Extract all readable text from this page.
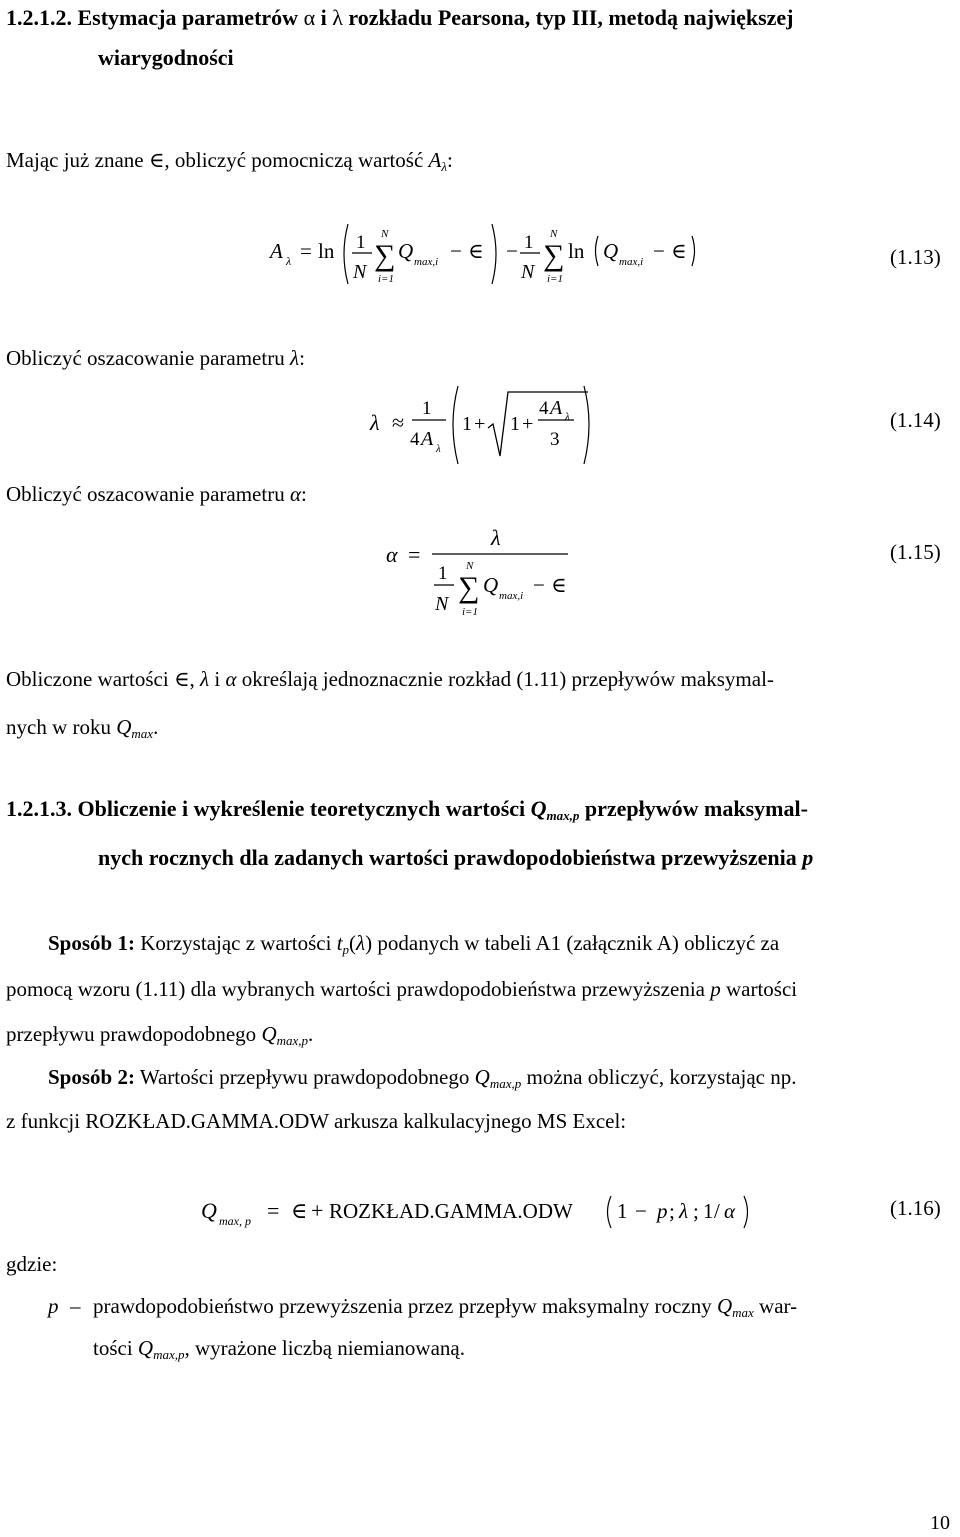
1.2.1.2. Estymacja parametrów α i λ rozkładu Pearsona, typ III, metodą największej
wiarygodności
Mając już znane ∈, obliczyć pomocniczą wartość $A_\lambda$:
A λ = ln 1
N
N
∑
i=1
Q max,i − ∈ − 1
N
N
∑
i=1
ln Q max,i − ∈	(1.13)
Obliczyć oszacowanie parametru λ:
λ ≈
1
4 A λ
1 + 1 +
4 A λ
3
(1.14)
Obliczyć oszacowanie parametru α:
α =
λ
1
N
N
∑
i=1
Q max,i − ∈
(1.15)
Obliczone wartości ∈, λ i α określają jednoznacznie rozkład (1.11) przepływów maksymal-
nych w roku $Q_{max}$.
1.2.1.3. Obliczenie i wykreślenie teoretycznych wartości $Q_{max,p}$ przepływów maksymal-
nych rocznych dla zadanych wartości prawdopodobieństwa przewyższenia p
Sposób 1: Korzystając z wartości $t_p(\lambda)$ podanych w tabeli A1 (załącznik A) obliczyć za
pomocą wzoru (1.11) dla wybranych wartości prawdopodobieństwa przewyższenia p wartości
przepływu prawdopodobnego $Q_{max,p}$.
Sposób 2: Wartości przepływu prawdopodobnego $Q_{max,p}$ można obliczyć, korzystając np.
z funkcji ROZKŁAD.GAMMA.ODW arkusza kalkulacyjnego MS Excel:
Q max, p = ∈ + ROZKŁAD.GAMMA.ODW 1 − p ; λ ; 1 / α	(1.16)
gdzie:
p – prawdopodobieństwo przewyższenia przez przepływ maksymalny roczny $Q_{max}$ war-
tości $Q_{max,p}$, wyrażone liczbą niemianowaną.
10
